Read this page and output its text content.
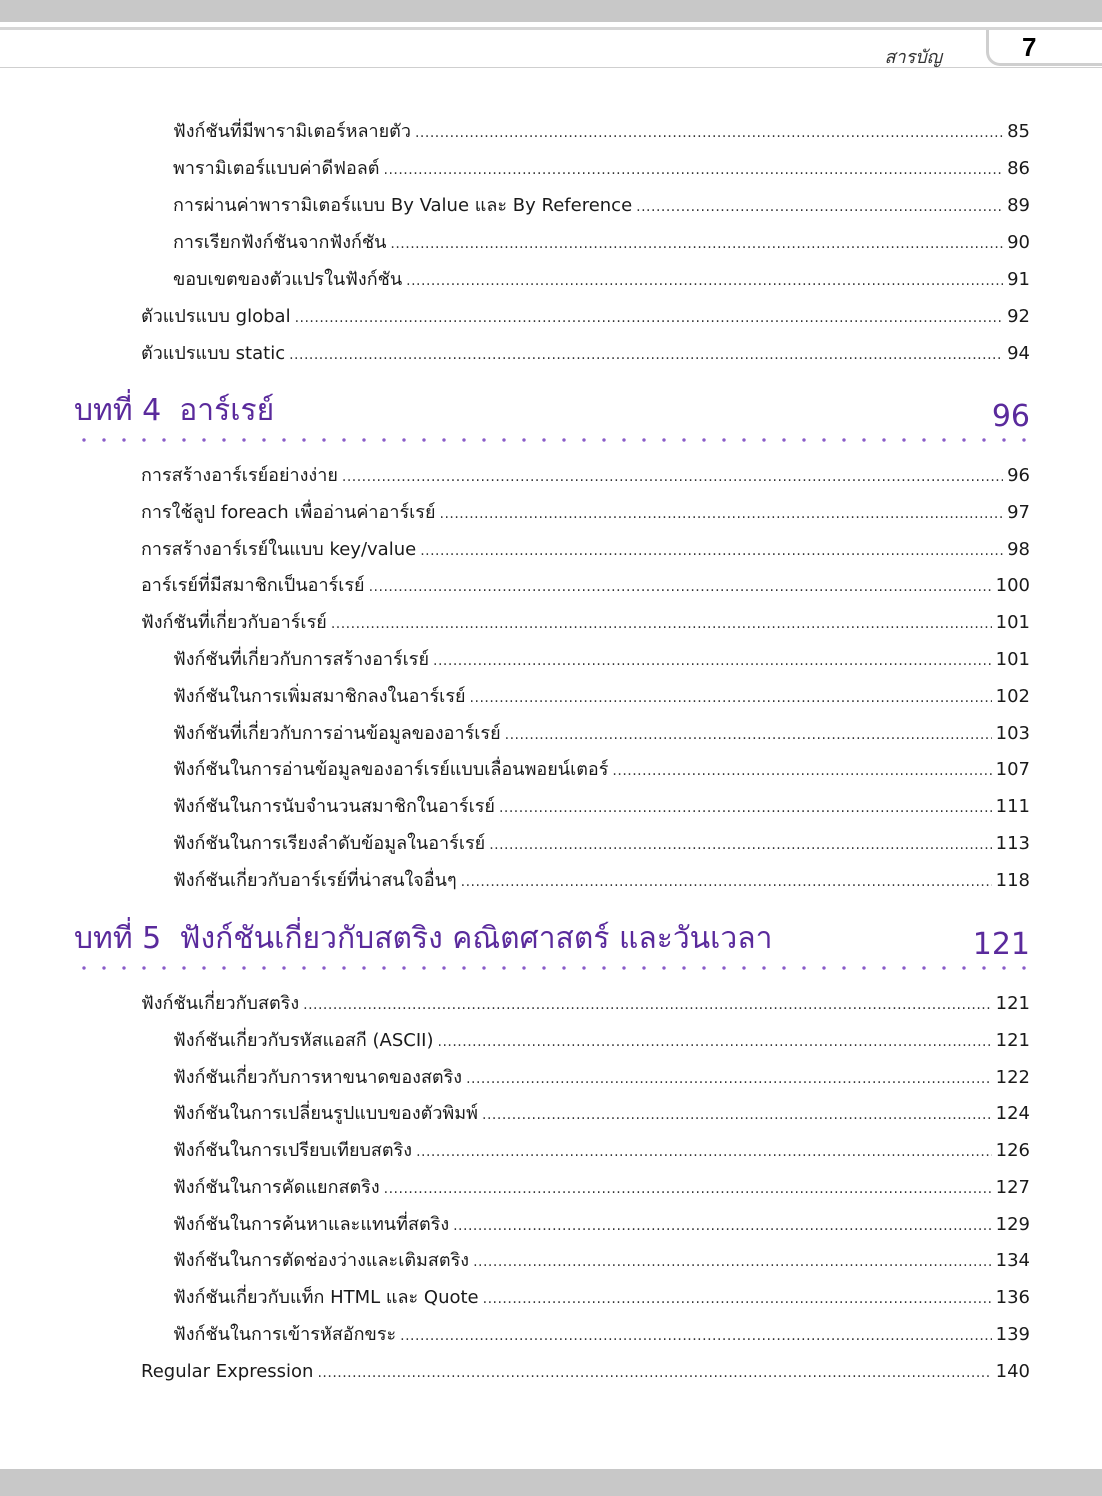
สารบัญ	7
ฟังก์ชันที่มีพารามิเตอร์หลายตัว .....	85
พารามิเตอร์แบบค่าดีฟอลต์ .....	86
การผ่านค่าพารามิเตอร์แบบ By Value และ By Reference .....	89
การเรียกฟังก์ชันจากฟังก์ชัน .....	90
ขอบเขตของตัวแปรในฟังก์ชัน .....	91
ตัวแปรแบบ global .....	92
ตัวแปรแบบ static .....	94
บทที่ 4 อาร์เรย์	96
การสร้างอาร์เรย์อย่างง่าย .....	96
การใช้ลูป foreach เพื่ออ่านค่าอาร์เรย์ .....	97
การสร้างอาร์เรย์ในแบบ key/value .....	98
อาร์เรย์ที่มีสมาชิกเป็นอาร์เรย์ .....	100
ฟังก์ชันที่เกี่ยวกับอาร์เรย์ .....	101
ฟังก์ชันที่เกี่ยวกับการสร้างอาร์เรย์ .....	101
ฟังก์ชันในการเพิ่มสมาชิกลงในอาร์เรย์ .....	102
ฟังก์ชันที่เกี่ยวกับการอ่านข้อมูลของอาร์เรย์ .....	103
ฟังก์ชันในการอ่านข้อมูลของอาร์เรย์แบบเลื่อนพอยน์เตอร์ .....	107
ฟังก์ชันในการนับจำนวนสมาชิกในอาร์เรย์ .....	111
ฟังก์ชันในการเรียงลำดับข้อมูลในอาร์เรย์ .....	113
ฟังก์ชันเกี่ยวกับอาร์เรย์ที่น่าสนใจอื่นๆ .....	118
บทที่ 5 ฟังก์ชันเกี่ยวกับสตริง คณิตศาสตร์ และวันเวลา	121
ฟังก์ชันเกี่ยวกับสตริง .....	121
ฟังก์ชันเกี่ยวกับรหัสแอสกี (ASCII) .....	121
ฟังก์ชันเกี่ยวกับการหาขนาดของสตริง .....	122
ฟังก์ชันในการเปลี่ยนรูปแบบของตัวพิมพ์ .....	124
ฟังก์ชันในการเปรียบเทียบสตริง .....	126
ฟังก์ชันในการคัดแยกสตริง .....	127
ฟังก์ชันในการค้นหาและแทนที่สตริง .....	129
ฟังก์ชันในการตัดช่องว่างและเติมสตริง .....	134
ฟังก์ชันเกี่ยวกับแท็ก HTML และ Quote .....	136
ฟังก์ชันในการเข้ารหัสอักขระ .....	139
Regular Expression .....	140
